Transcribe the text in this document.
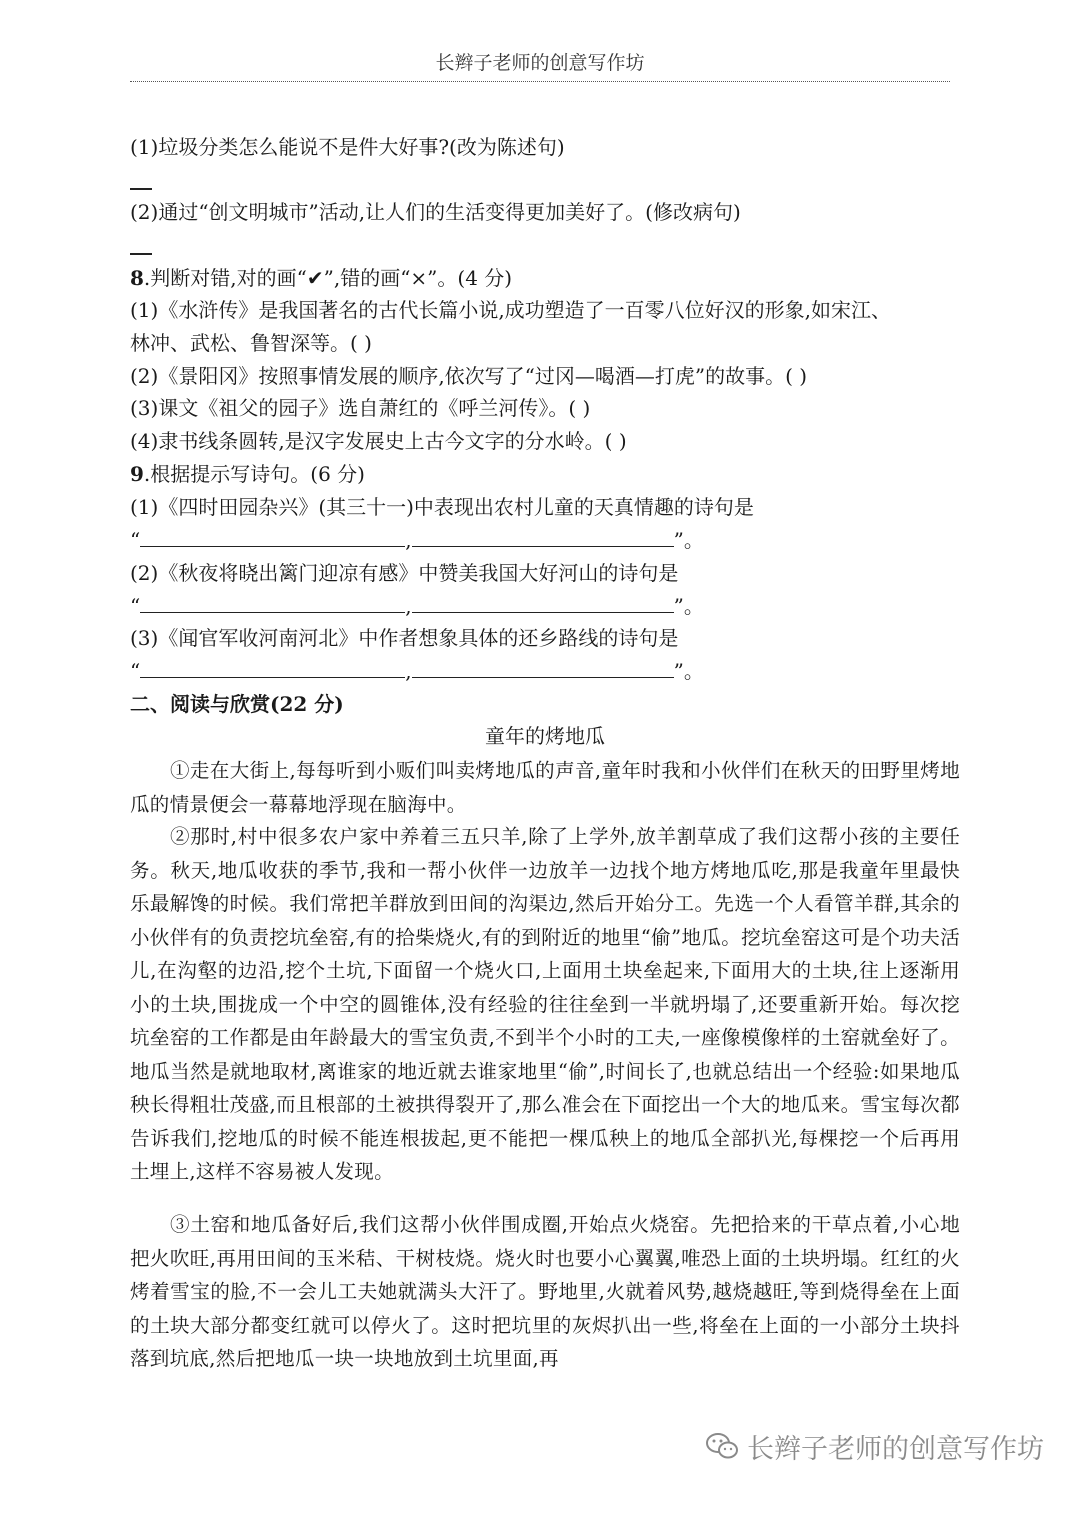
长辫子老师的创意写作坊
(1)垃圾分类怎么能说不是件大好事?(改为陈述句)
(2)通过“创文明城市”活动,让人们的生活变得更加美好了。(修改病句)
8.判断对错,对的画“✔”,错的画“×”。(4 分)
(1)《水浒传》是我国著名的古代长篇小说,成功塑造了一百零八位好汉的形象,如宋江、
林冲、武松、鲁智深等。( )
(2)《景阳冈》按照事情发展的顺序,依次写了“过冈—喝酒—打虎”的故事。( )
(3)课文《祖父的园子》选自萧红的《呼兰河传》。( )
(4)隶书线条圆转,是汉字发展史上古今文字的分水岭。( )
9.根据提示写诗句。(6 分)
(1)《四时田园杂兴》(其三十一)中表现出农村儿童的天真情趣的诗句是
“	,	”。
(2)《秋夜将晓出篱门迎凉有感》中赞美我国大好河山的诗句是
“	,	”。
(3)《闻官军收河南河北》中作者想象具体的还乡路线的诗句是
“	,	”。
二、阅读与欣赏(22 分)
童年的烤地瓜
①走在大街上,每每听到小贩们叫卖烤地瓜的声音,童年时我和小伙伴们在秋天的田野里烤地瓜的情景便会一幕幕地浮现在脑海中。
②那时,村中很多农户家中养着三五只羊,除了上学外,放羊割草成了我们这帮小孩的主要任务。秋天,地瓜收获的季节,我和一帮小伙伴一边放羊一边找个地方烤地瓜吃,那是我童年里最快乐最解馋的时候。我们常把羊群放到田间的沟渠边,然后开始分工。先选一个人看管羊群,其余的小伙伴有的负责挖坑垒窑,有的拾柴烧火,有的到附近的地里“偷”地瓜。挖坑垒窑这可是个功夫活儿,在沟壑的边沿,挖个土坑,下面留一个烧火口,上面用土块垒起来,下面用大的土块,往上逐渐用小的土块,围拢成一个中空的圆锥体,没有经验的往往垒到一半就坍塌了,还要重新开始。每次挖坑垒窑的工作都是由年龄最大的雪宝负责,不到半个小时的工夫,一座像模像样的土窑就垒好了。地瓜当然是就地取材,离谁家的地近就去谁家地里“偷”,时间长了,也就总结出一个经验:如果地瓜秧长得粗壮茂盛,而且根部的土被拱得裂开了,那么准会在下面挖出一个大的地瓜来。雪宝每次都告诉我们,挖地瓜的时候不能连根拔起,更不能把一棵瓜秧上的地瓜全部扒光,每棵挖一个后再用土埋上,这样不容易被人发现。
③土窑和地瓜备好后,我们这帮小伙伴围成圈,开始点火烧窑。先把拾来的干草点着,小心地把火吹旺,再用田间的玉米秸、干树枝烧。烧火时也要小心翼翼,唯恐上面的土块坍塌。红红的火烤着雪宝的脸,不一会儿工夫她就满头大汗了。野地里,火就着风势,越烧越旺,等到烧得垒在上面的土块大部分都变红就可以停火了。这时把坑里的灰烬扒出一些,将垒在上面的一小部分土块抖落到坑底,然后把地瓜一块一块地放到土坑里面,再
长辫子老师的创意写作坊
